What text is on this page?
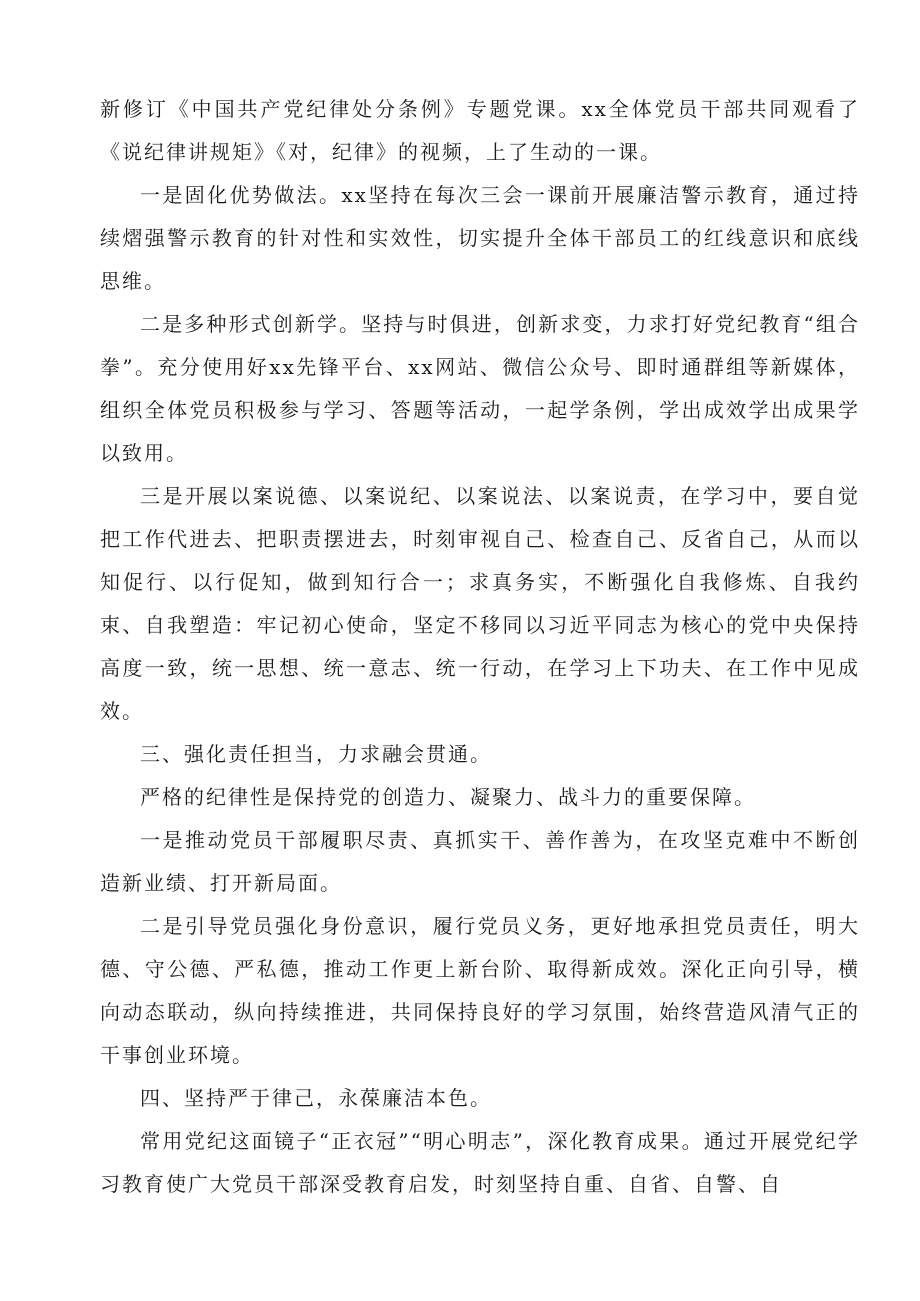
新修订《中国共产党纪律处分条例》专题党课。xx全体党员干部共同观看了《说纪律讲规矩》《对，纪律》的视频，上了生动的一课。

一是固化优势做法。xx坚持在每次三会一课前开展廉洁警示教育，通过持续熠强警示教育的针对性和实效性，切实提升全体干部员工的红线意识和底线思维。

二是多种形式创新学。坚持与时俱进，创新求变，力求打好党纪教育“组合拳”。充分使用好xx先锋平台、xx网站、微信公众号、即时通群组等新媒体，组织全体党员积极参与学习、答题等活动，一起学条例，学出成效学出成果学以致用。

三是开展以案说德、以案说纪、以案说法、以案说责，在学习中，要自觉把工作代进去、把职责摆进去，时刻审视自己、检查自己、反省自己，从而以知促行、以行促知，做到知行合一；求真务实，不断强化自我修炼、自我约束、自我塑造：牢记初心使命，坚定不移同以习近平同志为核心的党中央保持高度一致，统一思想、统一意志、统一行动，在学习上下功夫、在工作中见成效。

三、强化责任担当，力求融会贯通。

严格的纪律性是保持党的创造力、凝聚力、战斗力的重要保障。

一是推动党员干部履职尽责、真抓实干、善作善为，在攻坚克难中不断创造新业绩、打开新局面。

二是引导党员强化身份意识，履行党员义务，更好地承担党员责任，明大德、守公德、严私德，推动工作更上新台阶、取得新成效。深化正向引导，横向动态联动，纵向持续推进，共同保持良好的学习氛围，始终营造风清气正的干事创业环境。

四、坚持严于律己，永葆廉洁本色。

常用党纪这面镜子“正衣冠”“明心明志”，深化教育成果。通过开展党纪学习教育使广大党员干部深受教育启发，时刻坚持自重、自省、自警、自
